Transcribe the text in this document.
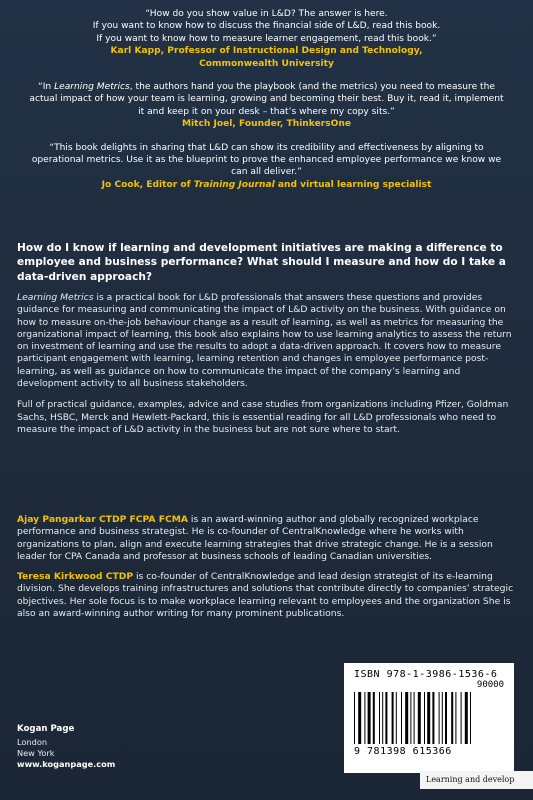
“How do you show value in L&D? The answer is here.

If you want to know how to discuss the financial side of L&D, read this book.

If you want to know how to measure learner engagement, read this book.”

Karl Kapp, Professor of Instructional Design and Technology,

Commonwealth University

“In Learning Metrics, the authors hand you the playbook (and the metrics) you need to measure the actual impact of how your team is learning, growing and becoming their best. Buy it, read it, implement it and keep it on your desk – that’s where my copy sits.”

Mitch Joel, Founder, ThinkersOne

“This book delights in sharing that L&D can show its credibility and effectiveness by aligning to operational metrics. Use it as the blueprint to prove the enhanced employee performance we know we can all deliver.”

Jo Cook, Editor of Training Journal and virtual learning specialist

How do I know if learning and development initiatives are making a difference to employee and business performance? What should I measure and how do I take a data-driven approach?

Learning Metrics is a practical book for L&D professionals that answers these questions and provides guidance for measuring and communicating the impact of L&D activity on the business. With guidance on how to measure on-the-job behaviour change as a result of learning, as well as metrics for measuring the organizational impact of learning, this book also explains how to use learning analytics to assess the return on investment of learning and use the results to adopt a data-driven approach. It covers how to measure participant engagement with learning, learning retention and changes in employee performance post-learning, as well as guidance on how to communicate the impact of the company’s learning and development activity to all business stakeholders.

Full of practical guidance, examples, advice and case studies from organizations including Pfizer, Goldman Sachs, HSBC, Merck and Hewlett-Packard, this is essential reading for all L&D professionals who need to measure the impact of L&D activity in the business but are not sure where to start.

Ajay Pangarkar CTDP FCPA FCMA is an award-winning author and globally recognized workplace performance and business strategist. He is co-founder of CentralKnowledge where he works with organizations to plan, align and execute learning strategies that drive strategic change. He is a session leader for CPA Canada and professor at business schools of leading Canadian universities.

Teresa Kirkwood CTDP is co-founder of CentralKnowledge and lead design strategist of its e-learning division. She develops training infrastructures and solutions that contribute directly to companies’ strategic objectives. Her sole focus is to make workplace learning relevant to employees and the organization She is also an award-winning author writing for many prominent publications.

Kogan Page

London

New York

www.koganpage.com

ISBN 978-1-3986-1536-6

90000

9 781398 615366

Learning and develop
